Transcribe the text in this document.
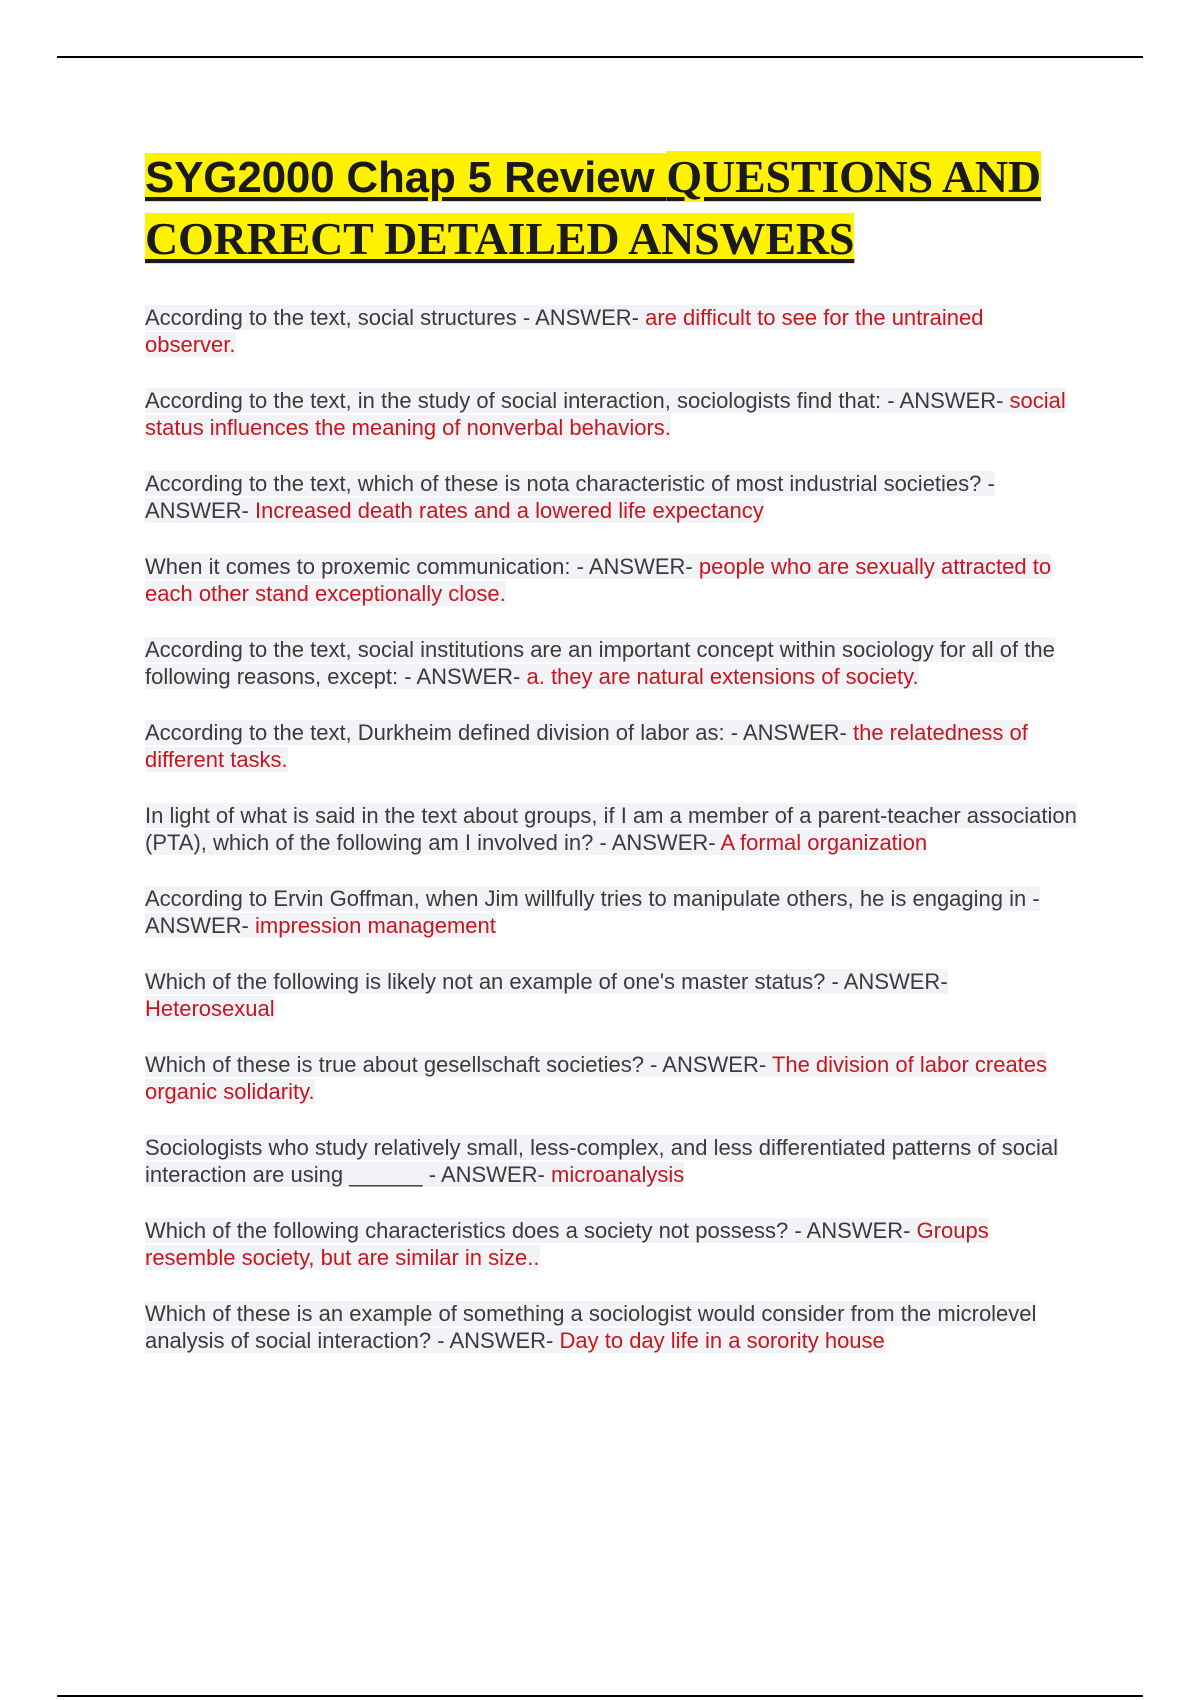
SYG2000 Chap 5 Review QUESTIONS AND CORRECT DETAILED ANSWERS

According to the text, social structures - ANSWER- are difficult to see for the untrained observer.

According to the text, in the study of social interaction, sociologists find that: - ANSWER- social status influences the meaning of nonverbal behaviors.

According to the text, which of these is nota characteristic of most industrial societies? - ANSWER- Increased death rates and a lowered life expectancy

When it comes to proxemic communication: - ANSWER- people who are sexually attracted to each other stand exceptionally close.

According to the text, social institutions are an important concept within sociology for all of the following reasons, except: - ANSWER- a. they are natural extensions of society.

According to the text, Durkheim defined division of labor as: - ANSWER- the relatedness of different tasks.

In light of what is said in the text about groups, if I am a member of a parent-teacher association (PTA), which of the following am I involved in? - ANSWER- A formal organization

According to Ervin Goffman, when Jim willfully tries to manipulate others, he is engaging in - ANSWER- impression management

Which of the following is likely not an example of one's master status? - ANSWER- Heterosexual

Which of these is true about gesellschaft societies? - ANSWER- The division of labor creates organic solidarity.

Sociologists who study relatively small, less-complex, and less differentiated patterns of social interaction are using ______ - ANSWER- microanalysis

Which of the following characteristics does a society not possess? - ANSWER- Groups resemble society, but are similar in size..

Which of these is an example of something a sociologist would consider from the microlevel analysis of social interaction? - ANSWER- Day to day life in a sorority house
